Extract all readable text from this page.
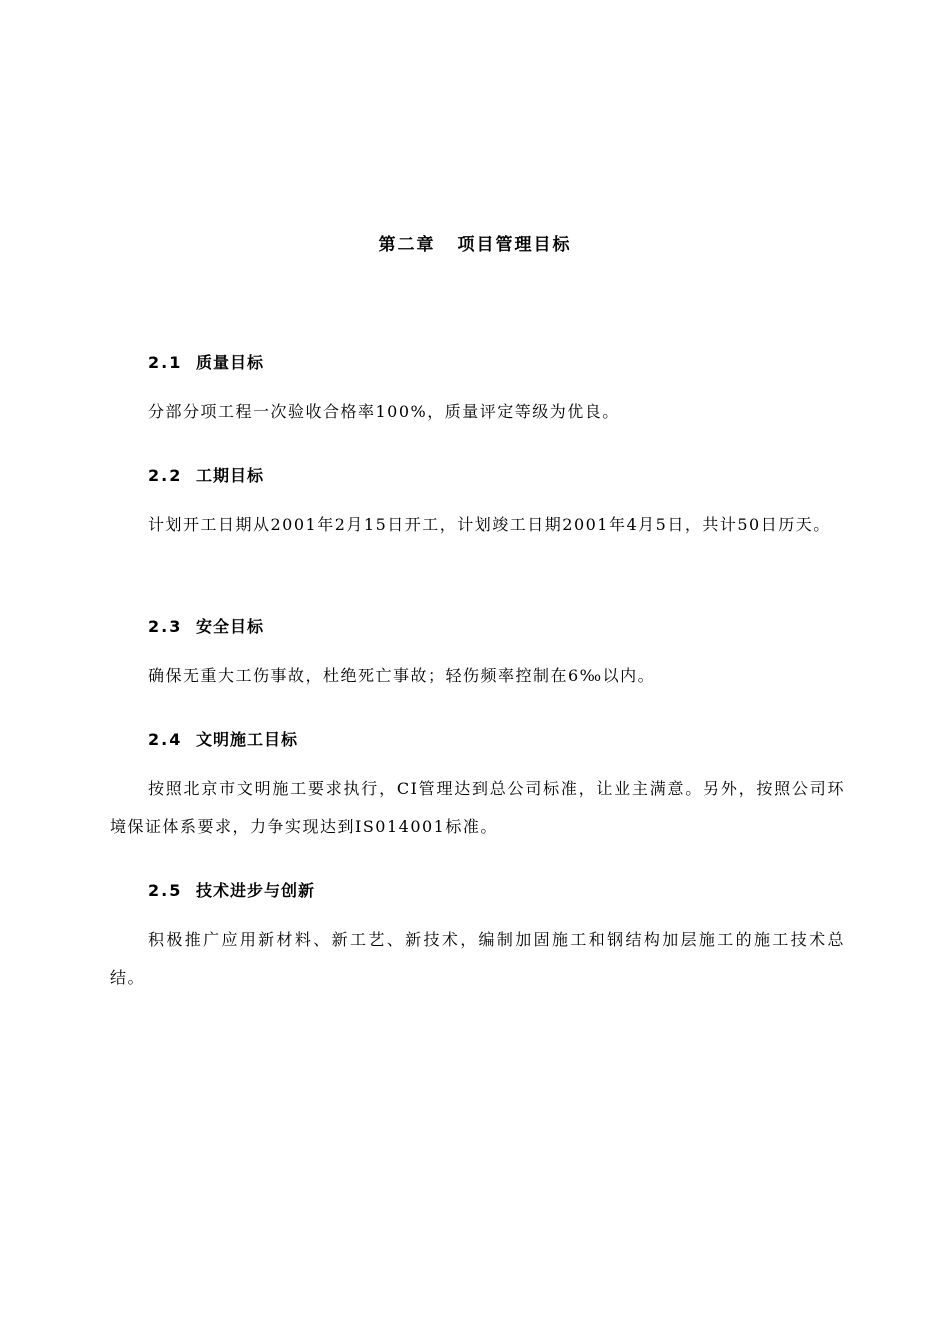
第二章 项目管理目标
2.1 质量目标
分部分项工程一次验收合格率100%，质量评定等级为优良。
2.2 工期目标
计划开工日期从2001年2月15日开工，计划竣工日期2001年4月5日，共计50日历天。
2.3 安全目标
确保无重大工伤事故，杜绝死亡事故；轻伤频率控制在6‰以内。
2.4 文明施工目标
按照北京市文明施工要求执行，CI管理达到总公司标准，让业主满意。另外，按照公司环境保证体系要求，力争实现达到IS014001标准。
2.5 技术进步与创新
积极推广应用新材料、新工艺、新技术，编制加固施工和钢结构加层施工的施工技术总结。
